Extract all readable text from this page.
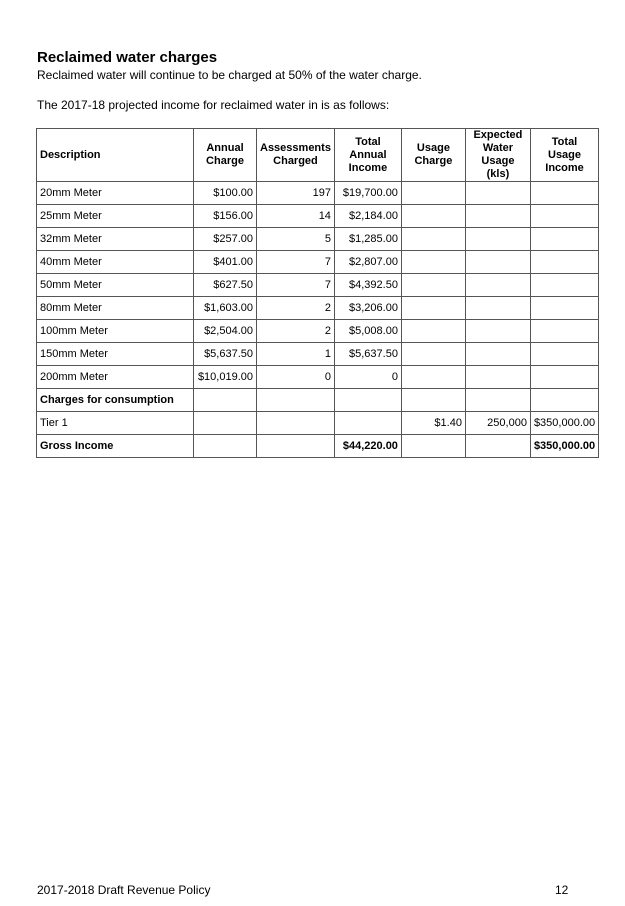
Reclaimed water charges

Reclaimed water will continue to be charged at 50% of the water charge.

The 2017-18 projected income for reclaimed water in is as follows:

Description	Annual Charge	Assessments Charged	Total Annual Income	Usage Charge	Expected Water Usage (kls)	Total Usage Income
20mm Meter	$100.00	197	$19,700.00			
25mm Meter	$156.00	14	$2,184.00			
32mm Meter	$257.00	5	$1,285.00			
40mm Meter	$401.00	7	$2,807.00			
50mm Meter	$627.50	7	$4,392.50			
80mm Meter	$1,603.00	2	$3,206.00			
100mm Meter	$2,504.00	2	$5,008.00			
150mm Meter	$5,637.50	1	$5,637.50			
200mm Meter	$10,019.00	0	0			
Charges for consumption						
Tier 1				$1.40	250,000	$350,000.00
Gross Income			$44,220.00			$350,000.00
2017-2018 Draft Revenue Policy	12
